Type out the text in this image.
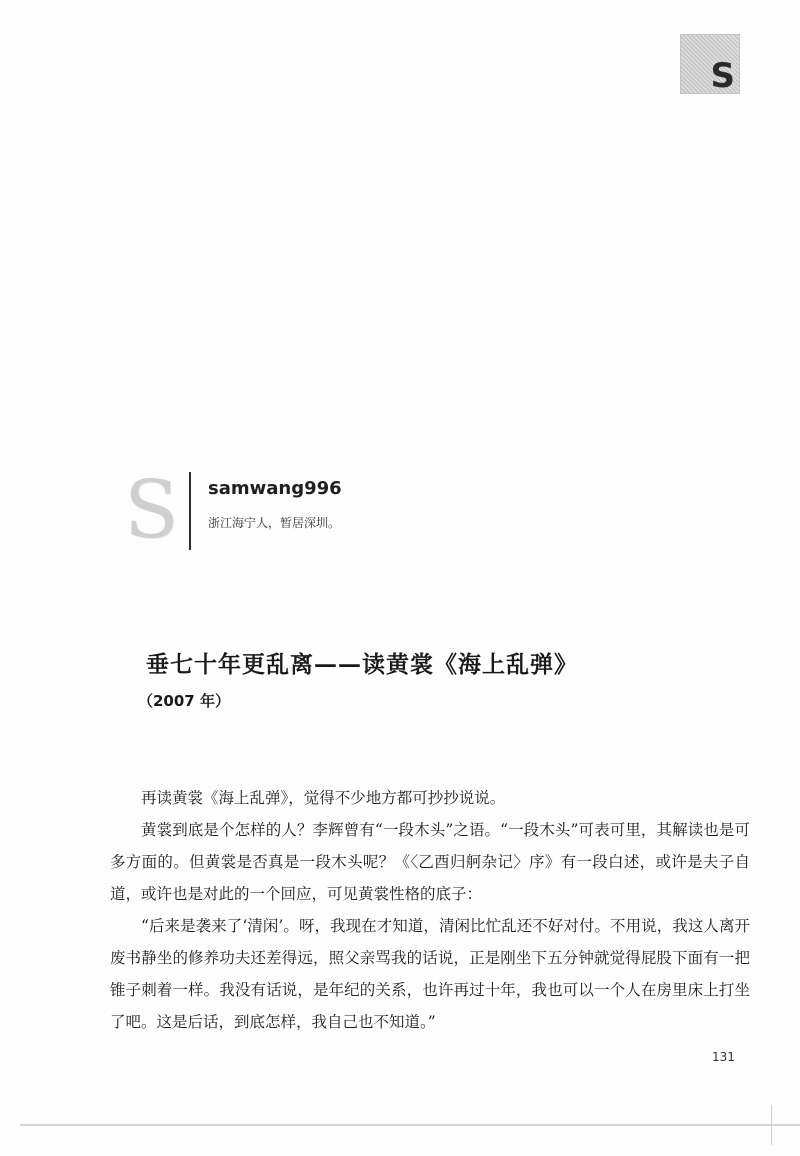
S
S samwang996
浙江海宁人，暂居深圳。
垂七十年更乱离——读黄裳《海上乱弹》
（2007 年）

再读黄裳《海上乱弹》，觉得不少地方都可抄抄说说。

黄裳到底是个怎样的人？李辉曾有“一段木头”之语。“一段木头”可表可里，其解读也是可多方面的。但黄裳是否真是一段木头呢？《〈乙酉归舸杂记〉序》有一段白述，或许是夫子自道，或许也是对此的一个回应，可见黄裳性格的底子：

“后来是袭来了‘清闲’。呀，我现在才知道，清闲比忙乱还不好对付。不用说，我这人离开废书静坐的修养功夫还差得远，照父亲骂我的话说，正是刚坐下五分钟就觉得屁股下面有一把锥子刺着一样。我没有话说，是年纪的关系，也许再过十年，我也可以一个人在房里床上打坐了吧。这是后话，到底怎样，我自己也不知道。”

131
